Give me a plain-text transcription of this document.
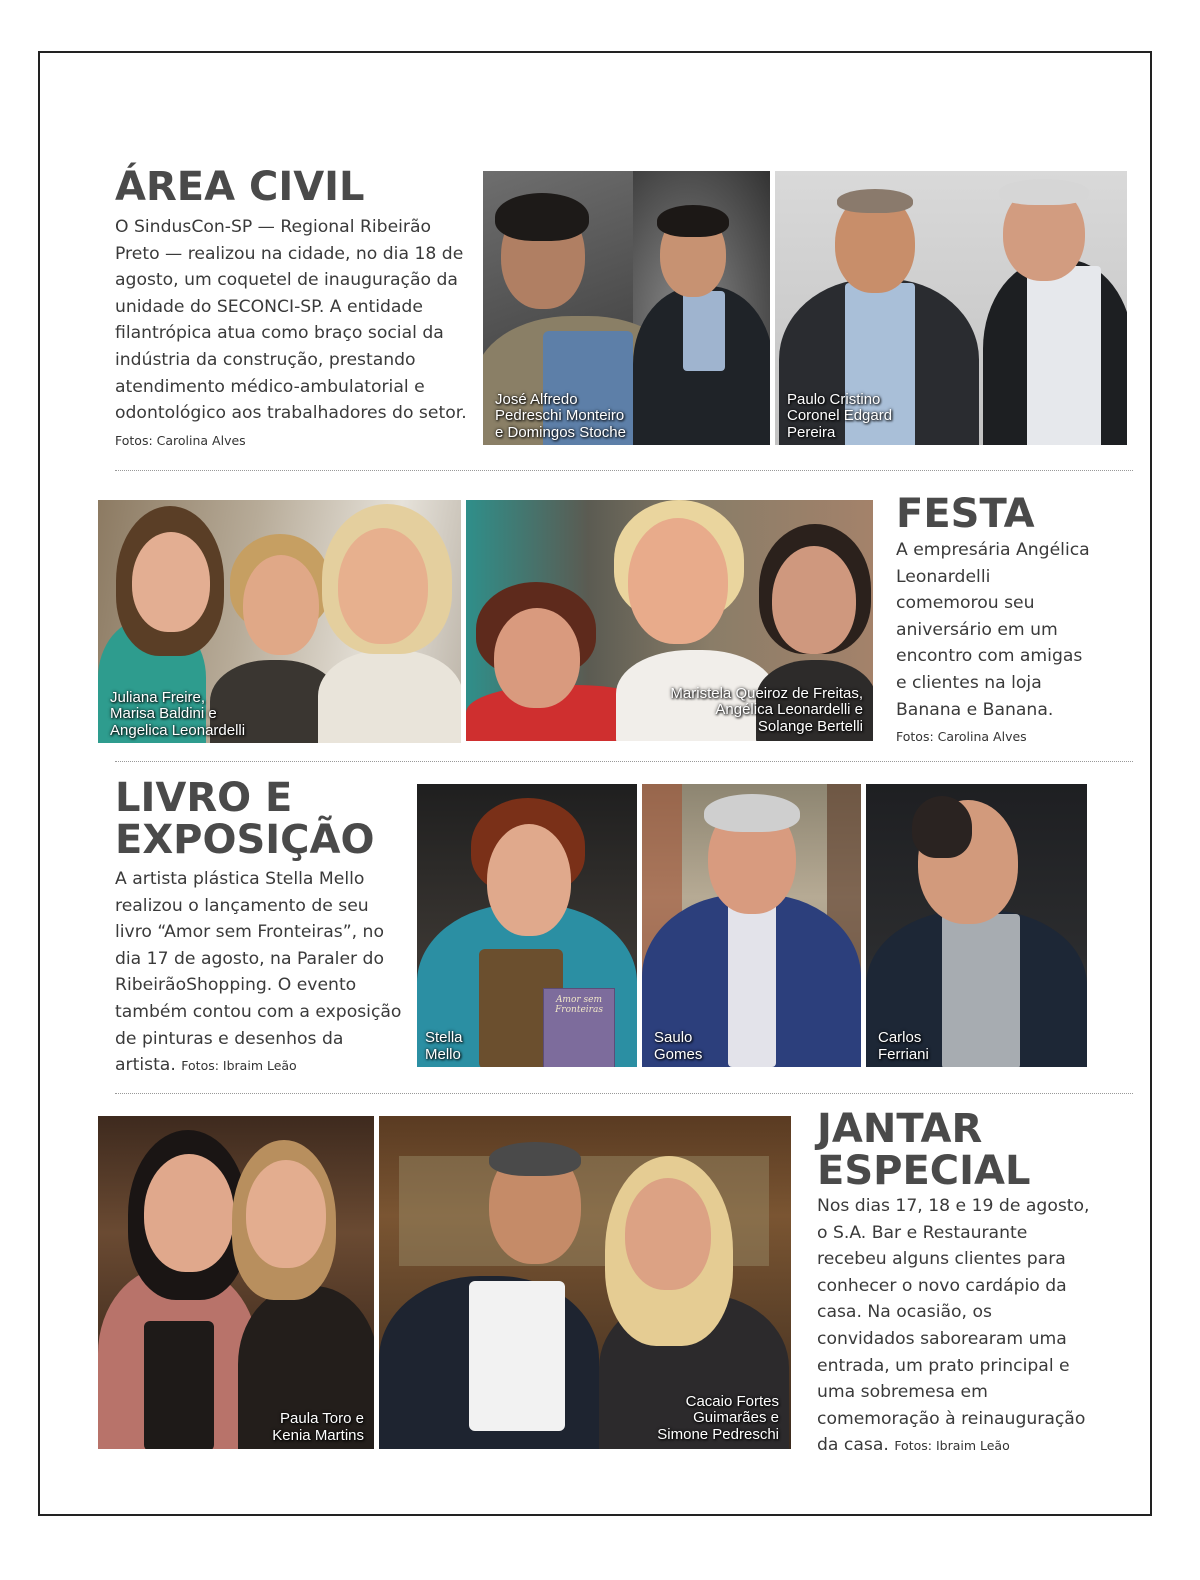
ÁREA CIVIL

O SindusCon-SP — Regional Ribeirão Preto — realizou na cidade, no dia 18 de agosto, um coquetel de inauguração da unidade do SECONCI-SP. A entidade filantrópica atua como braço social da indústria da construção, prestando atendimento médico-ambulatorial e odontológico aos trabalhadores do setor. Fotos: Carolina Alves

José Alfredo
Pedreschi Monteiro
e Domingos Stoche
Paulo Cristino
Coronel Edgard
Pereira
Juliana Freire,
Marisa Baldini e
Angelica Leonardelli
Maristela Queiroz de Freitas,
Angélica Leonardelli e
Solange Bertelli
FESTA

A empresária Angélica Leonardelli comemorou seu aniversário em um encontro com amigas e clientes na loja Banana e Banana.
Fotos: Carolina Alves

LIVRO E
EXPOSIÇÃO

A artista plástica Stella Mello realizou o lançamento de seu livro “Amor sem Fronteiras”, no dia 17 de agosto, na Paraler do RibeirãoShopping. O evento também contou com a exposição de pinturas e desenhos da artista. Fotos: Ibraim Leão

Amor sem Fronteiras
Stella
Mello
Saulo
Gomes
Carlos
Ferriani
Paula Toro e
Kenia Martins
Cacaio Fortes
Guimarães e
Simone Pedreschi
JANTAR
ESPECIAL

Nos dias 17, 18 e 19 de agosto, o S.A. Bar e Restaurante recebeu alguns clientes para conhecer o novo cardápio da casa. Na ocasião, os convidados saborearam uma entrada, um prato principal e uma sobremesa em comemoração à reinauguração da casa. Fotos: Ibraim Leão
